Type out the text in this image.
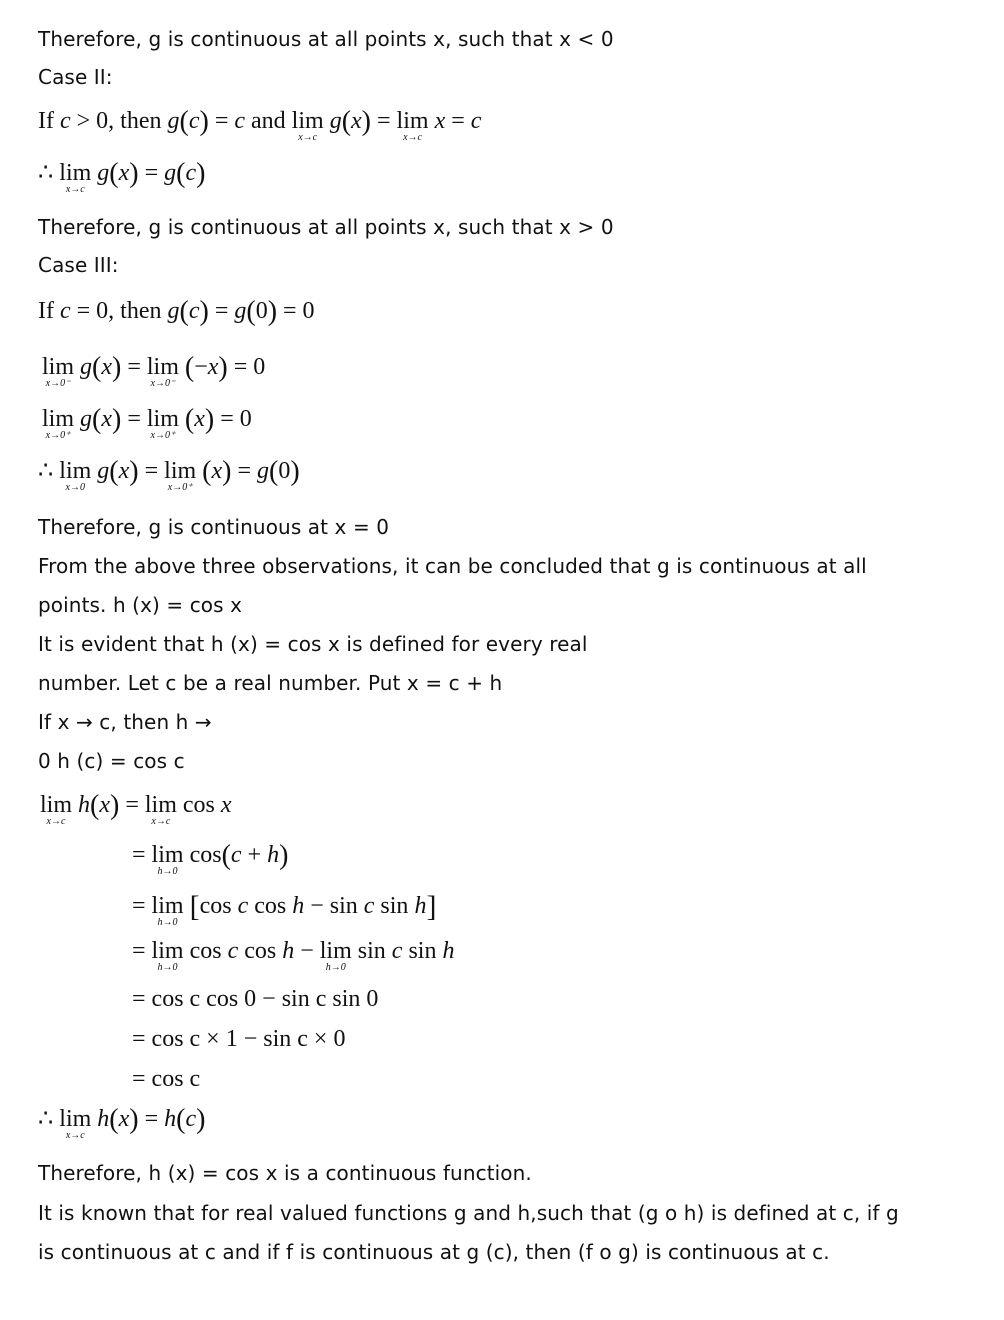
Therefore, g is continuous at all points x, such that x < 0
Case II:
If c > 0, then g(c) = c and lim
x→c
g(x) = lim
x→c
x = c
∴ lim
x→c
g(x) = g(c)
Therefore, g is continuous at all points x, such that x > 0
Case III:
If c = 0, then g(c) = g(0) = 0
lim
x→0⁻
g(x) = lim
x→0⁻
(−x) = 0
lim
x→0⁺
g(x) = lim
x→0⁺
(x) = 0
∴ lim
x→0
g(x) = lim
x→0⁺
(x) = g(0)
Therefore, g is continuous at x = 0
From the above three observations, it can be concluded that g is continuous at all
points. h (x) = cos x
It is evident that h (x) = cos x is defined for every real
number. Let c be a real number. Put x = c + h
If x → c, then h →
0 h (c) = cos c
lim
x→c
h(x) = lim
x→c
cos x
= lim
h→0
cos(c + h)
= lim
h→0 [cos c cos h − sin c sin h]
= lim
h→0
cos c cos h − lim
h→0
sin c sin h
= cos c cos 0 − sin c sin 0
= cos c × 1 − sin c × 0
= cos c
∴ lim
x→c
h(x) = h(c)
Therefore, h (x) = cos x is a continuous function.
It is known that for real valued functions g and h,such that (g o h) is defined at c, if g
is continuous at c and if f is continuous at g (c), then (f o g) is continuous at c.
